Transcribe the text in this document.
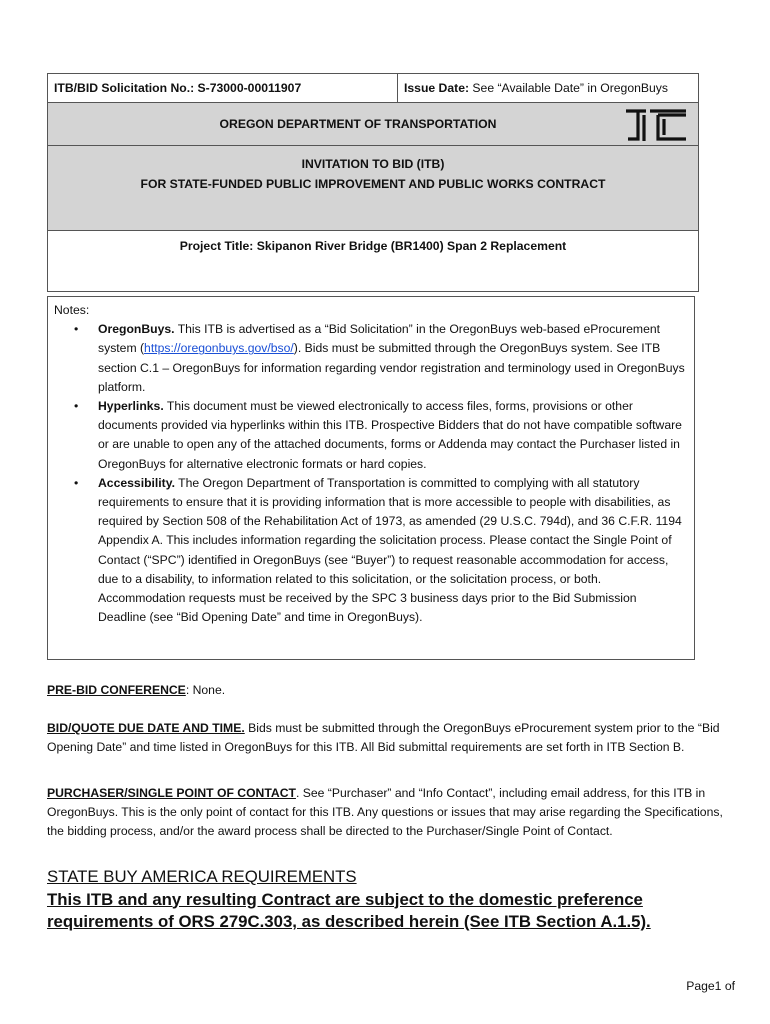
ITB/BID Solicitation No.: S-73000-00011907	Issue Date: See “Available Date” in OregonBuys

OREGON DEPARTMENT OF TRANSPORTATION

INVITATION TO BID (ITB)
FOR STATE-FUNDED PUBLIC IMPROVEMENT AND PUBLIC WORKS CONTRACT

Project Title: Skipanon River Bridge (BR1400) Span 2 Replacement
Notes:
• OregonBuys. This ITB is advertised as a “Bid Solicitation” in the OregonBuys web-based eProcurement system (https://oregonbuys.gov/bso/). Bids must be submitted through the OregonBuys system. See ITB section C.1 – OregonBuys for information regarding vendor registration and terminology used in OregonBuys platform.
• Hyperlinks. This document must be viewed electronically to access files, forms, provisions or other documents provided via hyperlinks within this ITB. Prospective Bidders that do not have compatible software or are unable to open any of the attached documents, forms or Addenda may contact the Purchaser listed in OregonBuys for alternative electronic formats or hard copies.
• Accessibility. The Oregon Department of Transportation is committed to complying with all statutory requirements to ensure that it is providing information that is more accessible to people with disabilities, as required by Section 508 of the Rehabilitation Act of 1973, as amended (29 U.S.C. 794d), and 36 C.F.R. 1194 Appendix A. This includes information regarding the solicitation process. Please contact the Single Point of Contact (“SPC”) identified in OregonBuys (see “Buyer”) to request reasonable accommodation for access, due to a disability, to information related to this solicitation, or the solicitation process, or both. Accommodation requests must be received by the SPC 3 business days prior to the Bid Submission Deadline (see “Bid Opening Date” and time in OregonBuys).
PRE-BID CONFERENCE: None.
BID/QUOTE DUE DATE AND TIME. Bids must be submitted through the OregonBuys eProcurement system prior to the “Bid Opening Date” and time listed in OregonBuys for this ITB. All Bid submittal requirements are set forth in ITB Section B.
PURCHASER/SINGLE POINT OF CONTACT. See “Purchaser” and “Info Contact”, including email address, for this ITB in OregonBuys. This is the only point of contact for this ITB. Any questions or issues that may arise regarding the Specifications, the bidding process, and/or the award process shall be directed to the Purchaser/Single Point of Contact.
STATE BUY AMERICA REQUIREMENTS
This ITB and any resulting Contract are subject to the domestic preference requirements of ORS 279C.303, as described herein (See ITB Section A.1.5).
Page1 of
